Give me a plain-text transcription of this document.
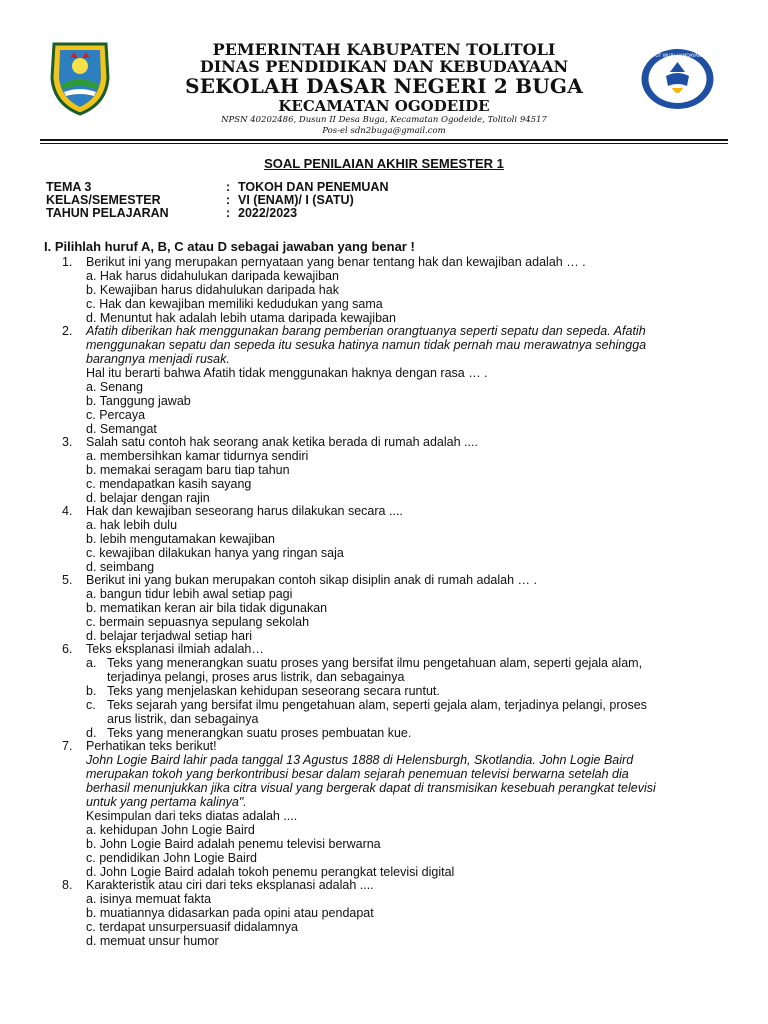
TUT WURI HANDAYANI
PEMERINTAH KABUPATEN TOLITOLI
DINAS PENDIDIKAN DAN KEBUDAYAAN
SEKOLAH DASAR NEGERI 2 BUGA
KECAMATAN OGODEIDE
NPSN 40202486, Dusun II Desa Buga, Kecamatan Ogodeide, Tolitoli 94517
Pos-el sdn2buga@gmail.com
SOAL PENILAIAN AKHIR SEMESTER 1
TEMA 3	: TOKOH DAN PENEMUAN
KELAS/SEMESTER	: VI (ENAM)/ I (SATU)
TAHUN PELAJARAN	: 2022/2023
I. Pilihlah huruf A, B, C atau D sebagai jawaban yang benar !
1. Berikut ini yang merupakan pernyataan yang benar tentang hak dan kewajiban adalah … .
a. Hak harus didahulukan daripada kewajiban
b. Kewajiban harus didahulukan daripada hak
c. Hak dan kewajiban memiliki kedudukan yang sama
d. Menuntut hak adalah lebih utama daripada kewajiban
2. Afatih diberikan hak menggunakan barang pemberian orangtuanya seperti sepatu dan sepeda. Afatih
menggunakan sepatu dan sepeda itu sesuka hatinya namun tidak pernah mau merawatnya sehingga
barangnya menjadi rusak.
Hal itu berarti bahwa Afatih tidak menggunakan haknya dengan rasa … .
a. Senang
b. Tanggung jawab
c. Percaya
d. Semangat
3. Salah satu contoh hak seorang anak ketika berada di rumah adalah ....
a. membersihkan kamar tidurnya sendiri
b. memakai seragam baru tiap tahun
c. mendapatkan kasih sayang
d. belajar dengan rajin
4. Hak dan kewajiban seseorang harus dilakukan secara ....
a. hak lebih dulu
b. lebih mengutamakan kewajiban
c. kewajiban dilakukan hanya yang ringan saja
d. seimbang
5. Berikut ini yang bukan merupakan contoh sikap disiplin anak di rumah adalah … .
a. bangun tidur lebih awal setiap pagi
b. mematikan keran air bila tidak digunakan
c. bermain sepuasnya sepulang sekolah
d. belajar terjadwal setiap hari
6. Teks eksplanasi ilmiah adalah…
a. Teks yang menerangkan suatu proses yang bersifat ilmu pengetahuan alam, seperti gejala alam,
terjadinya pelangi, proses arus listrik, dan sebagainya
b. Teks yang menjelaskan kehidupan seseorang secara runtut.
c. Teks sejarah yang bersifat ilmu pengetahuan alam, seperti gejala alam, terjadinya pelangi, proses
arus listrik, dan sebagainya
d. Teks yang menerangkan suatu proses pembuatan kue.
7. Perhatikan teks berikut!
John Logie Baird lahir pada tanggal 13 Agustus 1888 di Helensburgh, Skotlandia. John Logie Baird
merupakan tokoh yang berkontribusi besar dalam sejarah penemuan televisi berwarna setelah dia
berhasil menunjukkan jika citra visual yang bergerak dapat di transmisikan kesebuah perangkat televisi
untuk yang pertama kalinya".
Kesimpulan dari teks diatas adalah ....
a. kehidupan John Logie Baird
b. John Logie Baird adalah penemu televisi berwarna
c. pendidikan John Logie Baird
d. John Logie Baird adalah tokoh penemu perangkat televisi digital
8. Karakteristik atau ciri dari teks eksplanasi adalah ....
a. isinya memuat fakta
b. muatiannya didasarkan pada opini atau pendapat
c. terdapat unsurpersuasif didalamnya
d. memuat unsur humor
